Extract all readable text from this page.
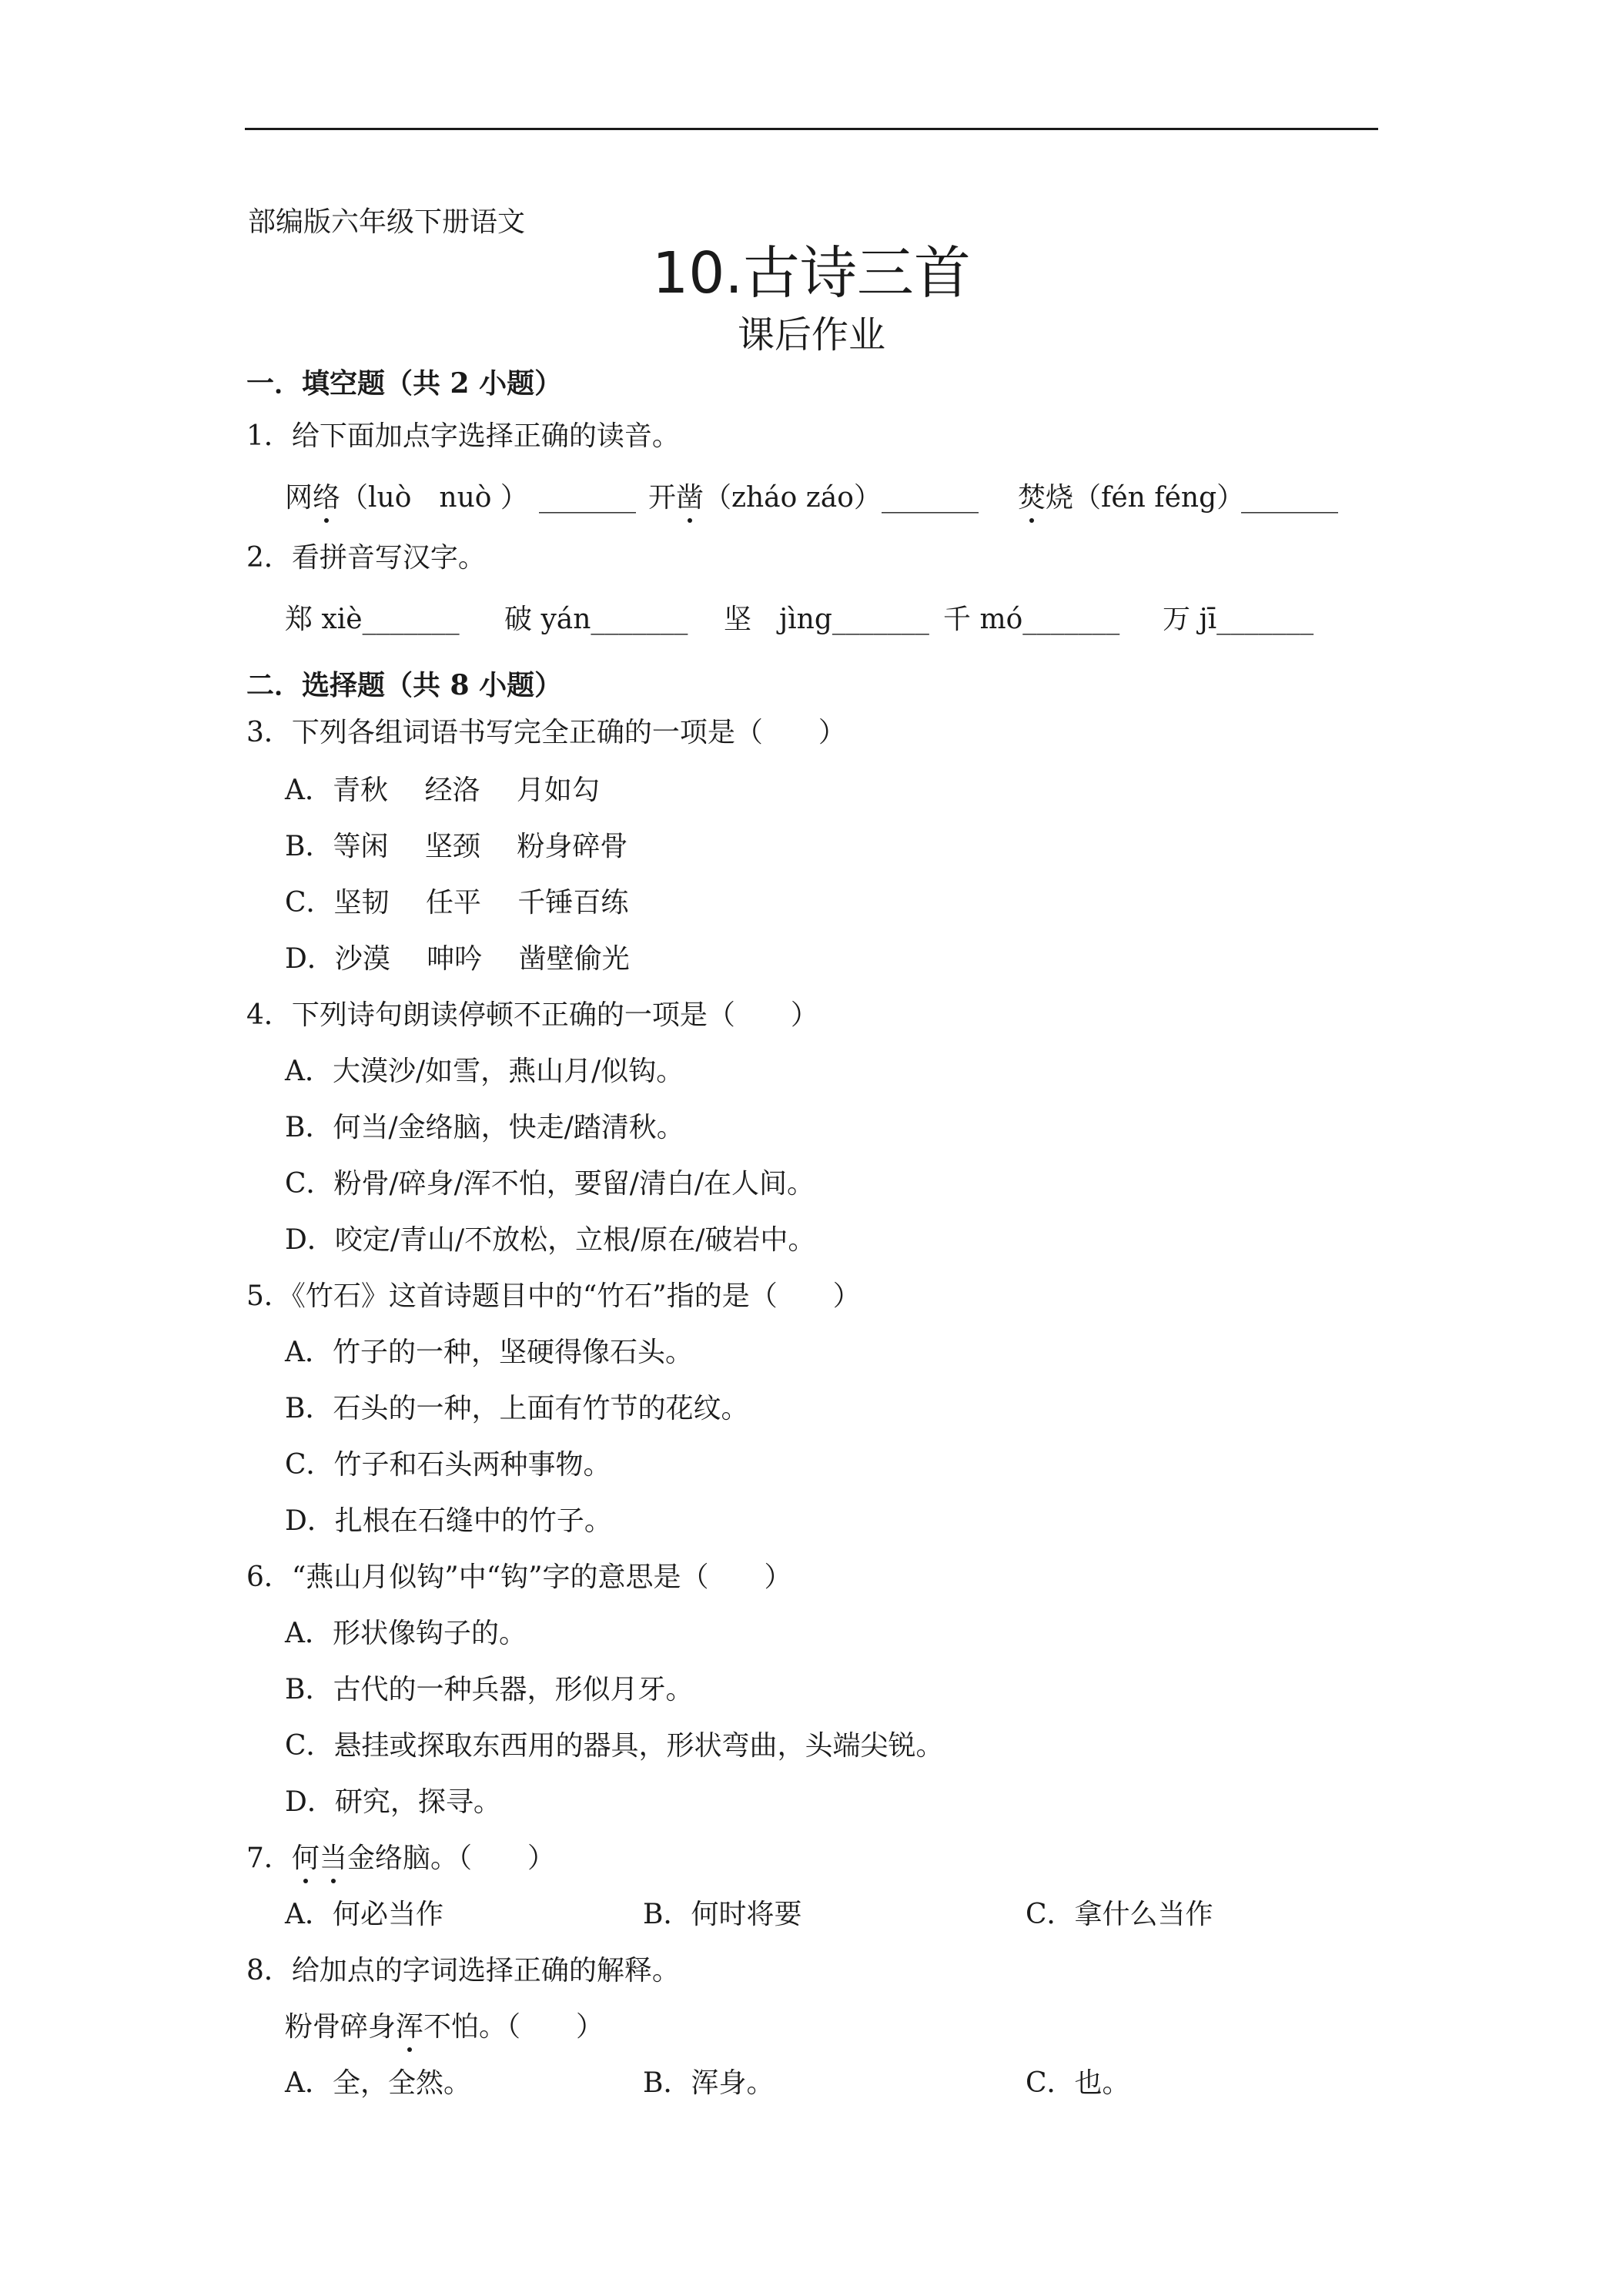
部编版六年级下册语文
10.古诗三首
课后作业
一．填空题（共 2 小题）
1．给下面加点字选择正确的读音。
网络（luò　nuò ） _______ 开凿（zháo záo） _______ 焚烧（fén féng）
_______
2．看拼音写汉字。
郑 xiè_______ 破 yán_______ 坚　jìng_______ 千 mó_______ 万 jī_______
二．选择题（共 8 小题）
3．下列各组词语书写完全正确的一项是（　　）
A．青秋　 经洛　 月如勾
B．等闲　 坚颈　 粉身碎骨
C．坚韧　 任平　 千锤百练
D．沙漠　 呻吟　 凿壁偷光
4．下列诗句朗读停顿不正确的一项是（　　）
A．大漠沙/如雪，燕山月/似钩。
B．何当/金络脑，快走/踏清秋。
C．粉骨/碎身/浑不怕，要留/清白/在人间。
D．咬定/青山/不放松，立根/原在/破岩中。
5．《竹石》这首诗题目中的“竹石”指的是（　　）
A．竹子的一种，坚硬得像石头。
B．石头的一种，上面有竹节的花纹。
C．竹子和石头两种事物。
D．扎根在石缝中的竹子。
6．“燕山月似钩”中“钩”字的意思是（　　）
A．形状像钩子的。
B．古代的一种兵器，形似月牙。
C．悬挂或探取东西用的器具，形状弯曲，头端尖锐。
D．研究，探寻。
7．何当金络脑。（　　）
A．何必当作	B．何时将要	C．拿什么当作
8．给加点的字词选择正确的解释。
粉骨碎身浑不怕。（　　）
A．全，全然。	B．浑身。	C．也。
